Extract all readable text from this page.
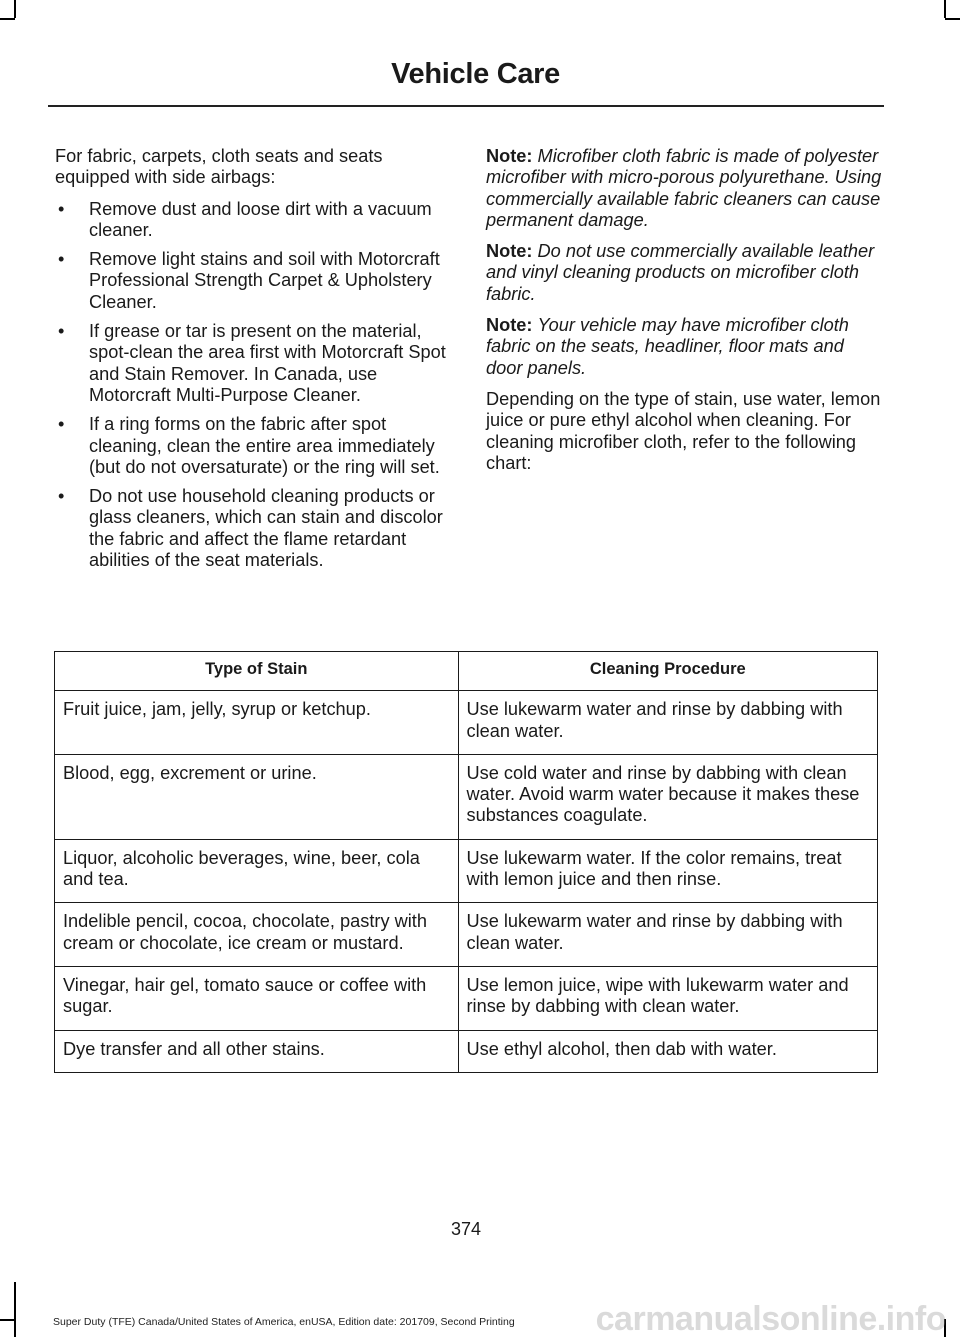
Vehicle Care

For fabric, carpets, cloth seats and seats equipped with side airbags:

• Remove dust and loose dirt with a vacuum cleaner.
• Remove light stains and soil with Motorcraft Professional Strength Carpet & Upholstery Cleaner.
• If grease or tar is present on the material, spot-clean the area first with Motorcraft Spot and Stain Remover. In Canada, use Motorcraft Multi-Purpose Cleaner.
• If a ring forms on the fabric after spot cleaning, clean the entire area immediately (but do not oversaturate) or the ring will set.
• Do not use household cleaning products or glass cleaners, which can stain and discolor the fabric and affect the flame retardant abilities of the seat materials.

Note: Microfiber cloth fabric is made of polyester microfiber with micro-porous polyurethane. Using commercially available fabric cleaners can cause permanent damage.

Note: Do not use commercially available leather and vinyl cleaning products on microfiber cloth fabric.

Note: Your vehicle may have microfiber cloth fabric on the seats, headliner, floor mats and door panels.

Depending on the type of stain, use water, lemon juice or pure ethyl alcohol when cleaning. For cleaning microfiber cloth, refer to the following chart:

Type of Stain	Cleaning Procedure
Fruit juice, jam, jelly, syrup or ketchup.	Use lukewarm water and rinse by dabbing with clean water.
Blood, egg, excrement or urine.	Use cold water and rinse by dabbing with clean water. Avoid warm water because it makes these substances coagulate.
Liquor, alcoholic beverages, wine, beer, cola and tea.	Use lukewarm water. If the color remains, treat with lemon juice and then rinse.
Indelible pencil, cocoa, chocolate, pastry with cream or chocolate, ice cream or mustard.	Use lukewarm water and rinse by dabbing with clean water.
Vinegar, hair gel, tomato sauce or coffee with sugar.	Use lemon juice, wipe with lukewarm water and rinse by dabbing with clean water.
Dye transfer and all other stains.	Use ethyl alcohol, then dab with water.
374
Super Duty (TFE) Canada/United States of America, enUSA, Edition date: 201709, Second Printing carmanualsonline.info
